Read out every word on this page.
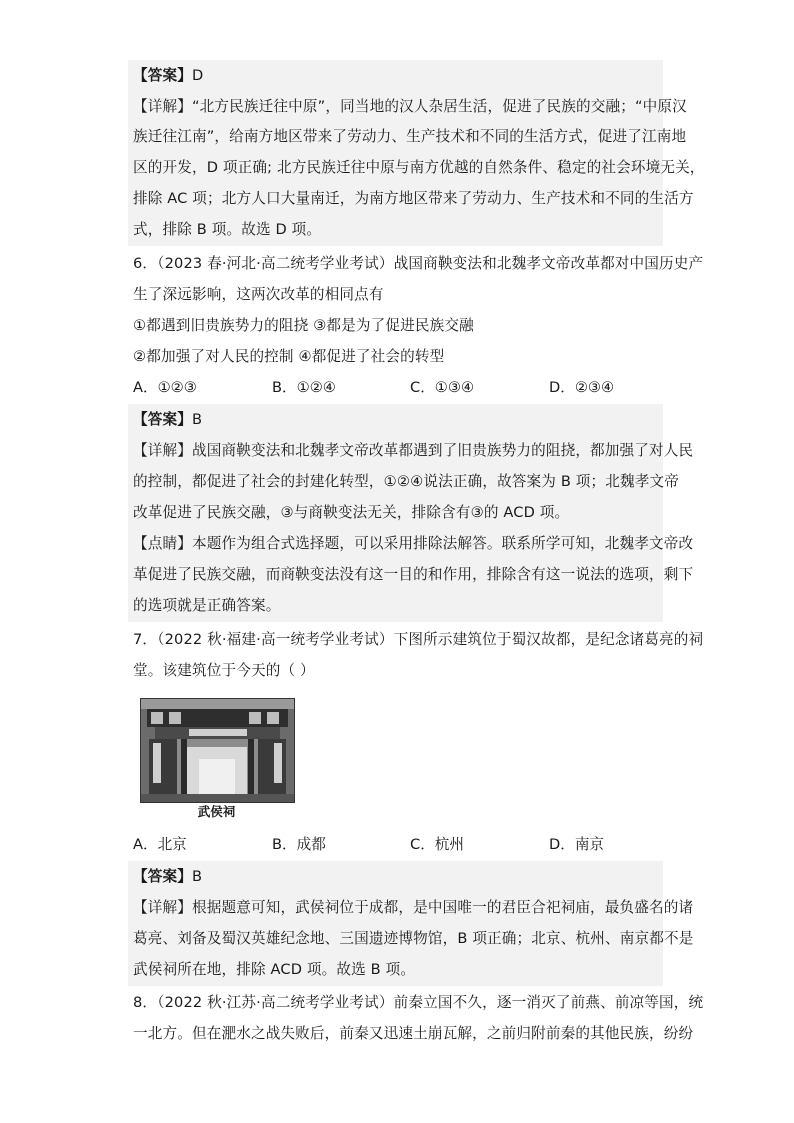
【答案】D
【详解】“北方民族迁往中原”，同当地的汉人杂居生活，促进了民族的交融；“中原汉
族迁往江南”，给南方地区带来了劳动力、生产技术和不同的生活方式，促进了江南地
区的开发，D 项正确; 北方民族迁往中原与南方优越的自然条件、稳定的社会环境无关，
排除 AC 项；北方人口大量南迁，为南方地区带来了劳动力、生产技术和不同的生活方
式，排除 B 项。故选 D 项。
6．（2023 春·河北·高二统考学业考试）战国商鞅变法和北魏孝文帝改革都对中国历史产
生了深远影响，这两次改革的相同点有
①都遇到旧贵族势力的阻挠 ③都是为了促进民族交融
②都加强了对人民的控制 ④都促进了社会的转型
A．①②③	B．①②④	C．①③④	D．②③④
【答案】B
【详解】战国商鞅变法和北魏孝文帝改革都遇到了旧贵族势力的阻挠，都加强了对人民
的控制，都促进了社会的封建化转型，①②④说法正确，故答案为 B 项；北魏孝文帝
改革促进了民族交融，③与商鞅变法无关，排除含有③的 ACD 项。
【点睛】本题作为组合式选择题，可以采用排除法解答。联系所学可知，北魏孝文帝改
革促进了民族交融，而商鞅变法没有这一目的和作用，排除含有这一说法的选项，剩下
的选项就是正确答案。
7．（2022 秋·福建·高一统考学业考试）下图所示建筑位于蜀汉故都，是纪念诸葛亮的祠
堂。该建筑位于今天的（ ）
武侯祠
A．北京	B．成都	C．杭州	D．南京
【答案】B
【详解】根据题意可知，武侯祠位于成都，是中国唯一的君臣合祀祠庙，最负盛名的诸
葛亮、刘备及蜀汉英雄纪念地、三国遗迹博物馆，B 项正确；北京、杭州、南京都不是
武侯祠所在地，排除 ACD 项。故选 B 项。
8．（2022 秋·江苏·高二统考学业考试）前秦立国不久，逐一消灭了前燕、前凉等国，统
一北方。但在淝水之战失败后，前秦又迅速土崩瓦解，之前归附前秦的其他民族，纷纷
